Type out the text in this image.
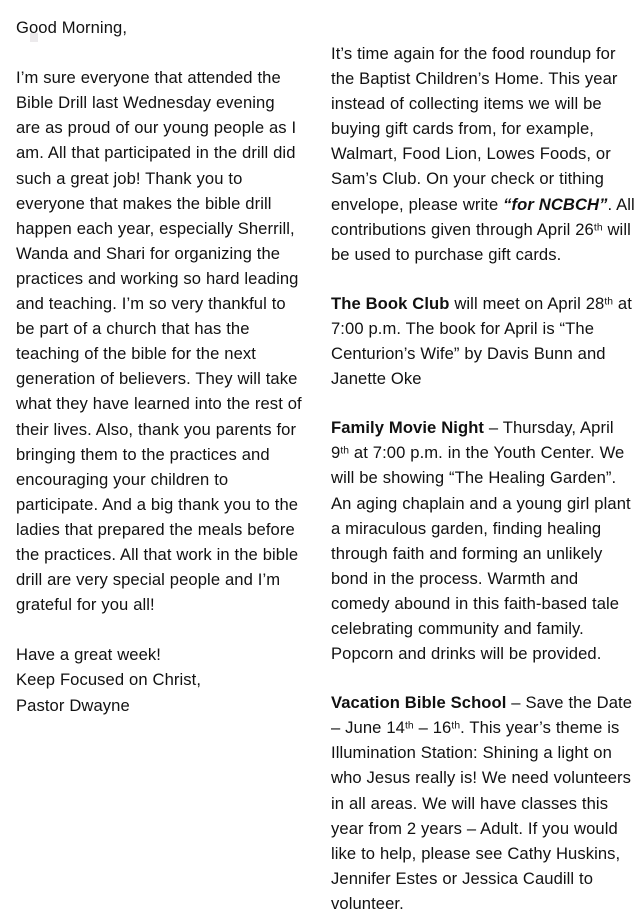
Good Morning,

I’m sure everyone that attended the Bible Drill last Wednesday evening are as proud of our young people as I am. All that participated in the drill did such a great job! Thank you to everyone that makes the bible drill happen each year, especially Sherrill, Wanda and Shari for organizing the practices and working so hard leading and teaching. I’m so very thankful to be part of a church that has the teaching of the bible for the next generation of believers. They will take what they have learned into the rest of their lives. Also, thank you parents for bringing them to the practices and encouraging your children to participate. And a big thank you to the ladies that prepared the meals before the practices. All that work in the bible drill are very special people and I’m grateful for you all!

Have a great week!
Keep Focused on Christ,
Pastor Dwayne

It’s time again for the food roundup for the Baptist Children’s Home. This year instead of collecting items we will be buying gift cards from, for example, Walmart, Food Lion, Lowes Foods, or Sam’s Club. On your check or tithing envelope, please write “for NCBCH”. All contributions given through April 26th will be used to purchase gift cards.

The Book Club will meet on April 28th at 7:00 p.m. The book for April is “The Centurion’s Wife” by Davis Bunn and Janette Oke

Family Movie Night – Thursday, April 9th at 7:00 p.m. in the Youth Center. We will be showing “The Healing Garden”. An aging chaplain and a young girl plant a miraculous garden, finding healing through faith and forming an unlikely bond in the process. Warmth and comedy abound in this faith-based tale celebrating community and family. Popcorn and drinks will be provided.

Vacation Bible School – Save the Date – June 14th – 16th. This year’s theme is Illumination Station: Shining a light on who Jesus really is! We need volunteers in all areas. We will have classes this year from 2 years – Adult. If you would like to help, please see Cathy Huskins, Jennifer Estes or Jessica Caudill to volunteer.
